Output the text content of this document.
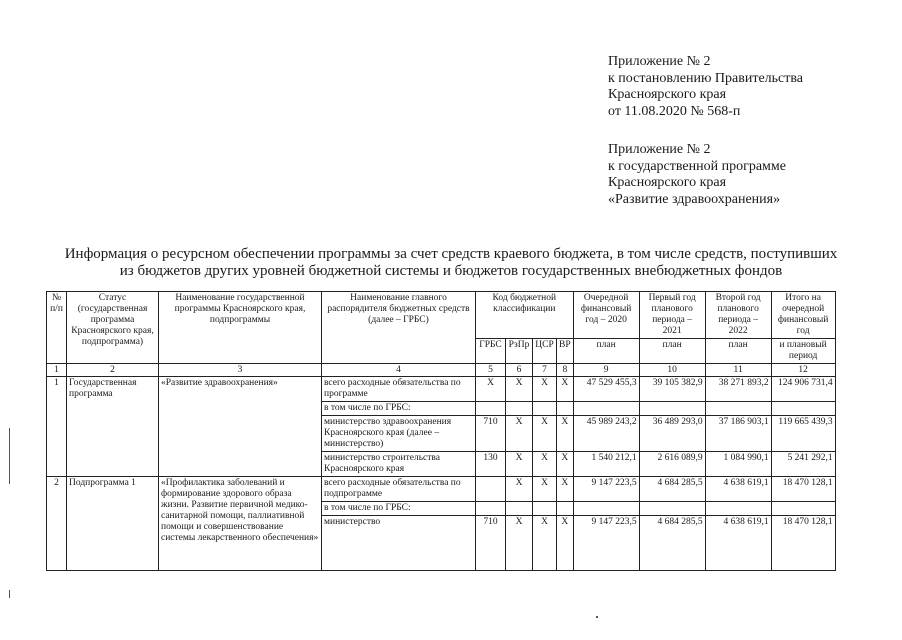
Приложение № 2
к постановлению Правительства
Красноярского края
от 11.08.2020 № 568-п
Приложение № 2
к государственной программе
Красноярского края
«Развитие здравоохранения»
Информация о ресурсном обеспечении программы за счет средств краевого бюджета, в том числе средств, поступивших
из бюджетов других уровней бюджетной системы и бюджетов государственных внебюджетных фондов
№ п/п	Статус (государственная программа Красноярского края, подпрограмма)	Наименование государственной программы Красноярского края, подпрограммы	Наименование главного распорядителя бюджетных средств (далее – ГРБС)	Код бюджетной классификации				Очередной финансовый год – 2020	Первый год планового периода – 2021	Второй год планового периода – 2022	Итого на очередной финансовый год
				ГРБС	РзПр	ЦСР	ВР	план	план	план	и плановый период
1	2	3	4	5	6	7	8	9	10	11	12
1	Государственная программа	«Развитие здравоохранения»	всего расходные обязательства по программе	X	X	X	X	47 529 455,3	39 105 382,9	38 271 893,2	124 906 731,4
			в том числе по ГРБС:								
			министерство здравоохранения Красноярского края (далее – министерство)	710	X	X	X	45 989 243,2	36 489 293,0	37 186 903,1	119 665 439,3
			министерство строительства Красноярского края	130	X	X	X	1 540 212,1	2 616 089,9	1 084 990,1	5 241 292,1
2	Подпрограмма 1	«Профилактика заболеваний и формирование здорового образа жизни. Развитие первичной медико-санитарной помощи, паллиативной помощи и совершенствование системы лекарственного обеспечения»	всего расходные обязательства по подпрограмме		X	X	X	9 147 223,5	4 684 285,5	4 638 619,1	18 470 128,1
			в том числе по ГРБС:								
			министерство	710	X	X	X	9 147 223,5	4 684 285,5	4 638 619,1	18 470 128,1
